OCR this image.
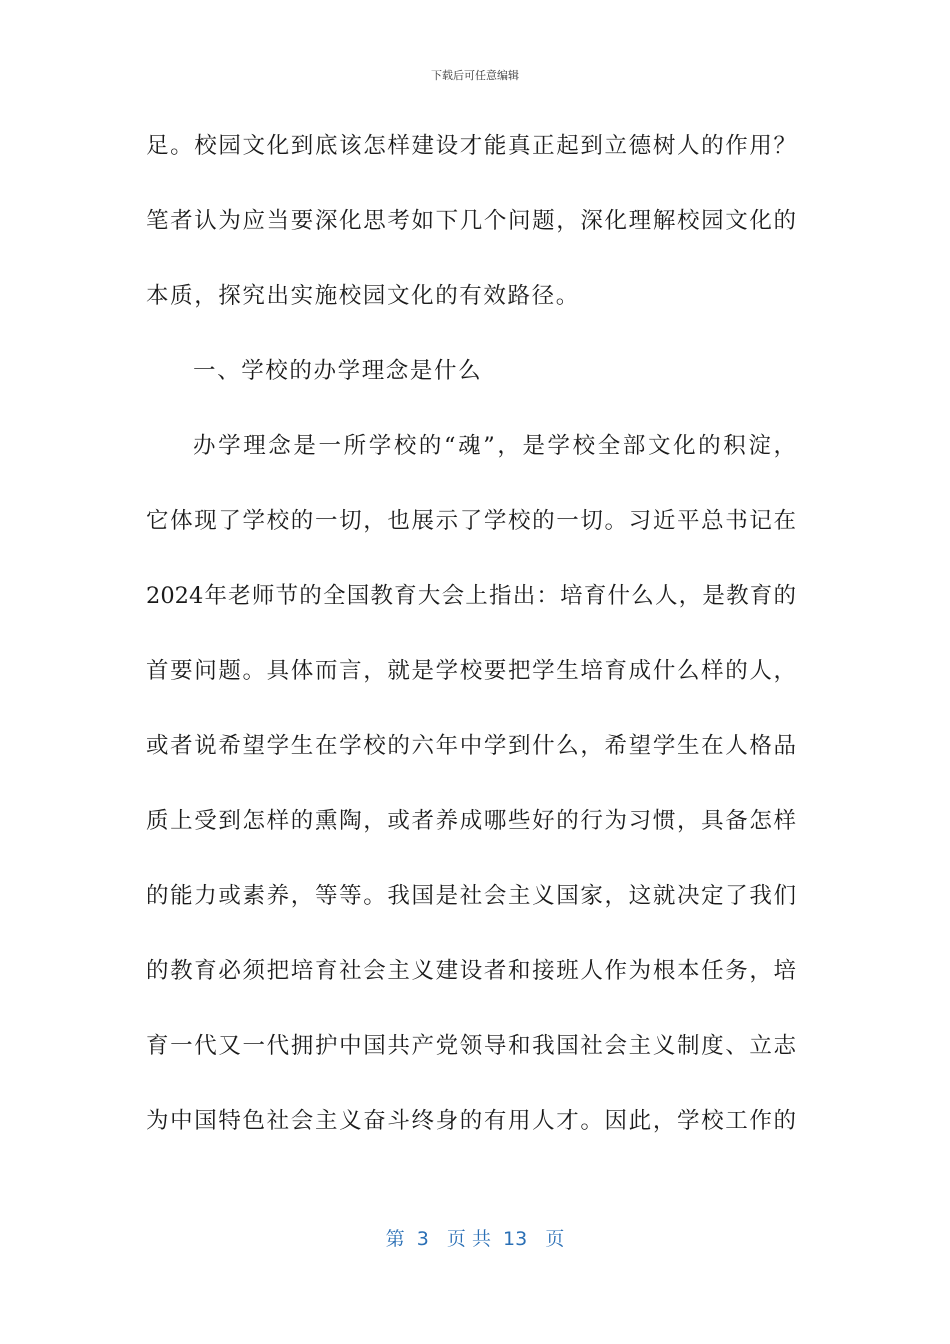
下载后可任意编辑
足。校园文化到底该怎样建设才能真正起到立德树人的作用？
笔者认为应当要深化思考如下几个问题，深化理解校园文化的
本质，探究出实施校园文化的有效路径。
一、学校的办学理念是什么
办学理念是一所学校的“魂”，是学校全部文化的积淀，
它体现了学校的一切，也展示了学校的一切。习近平总书记在
2024年老师节的全国教育大会上指出：培育什么人，是教育的
首要问题。具体而言，就是学校要把学生培育成什么样的人，
或者说希望学生在学校的六年中学到什么，希望学生在人格品
质上受到怎样的熏陶，或者养成哪些好的行为习惯，具备怎样
的能力或素养，等等。我国是社会主义国家，这就决定了我们
的教育必须把培育社会主义建设者和接班人作为根本任务，培
育一代又一代拥护中国共产党领导和我国社会主义制度、立志
为中国特色社会主义奋斗终身的有用人才。因此，学校工作的
第  3   页 共  13   页
